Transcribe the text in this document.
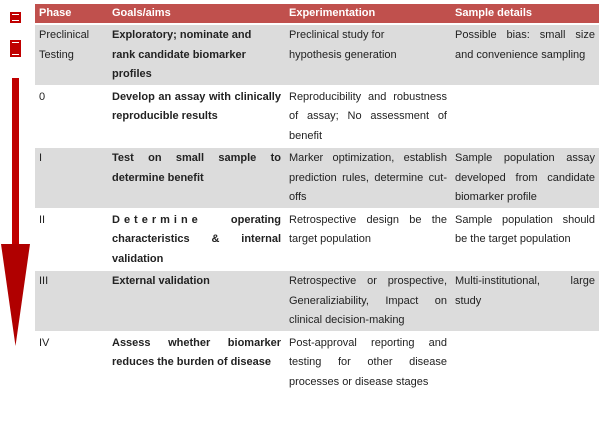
Phase	Goals/aims	Experimentation	Sample details
Preclinical Testing	Exploratory; nominate and rank candidate biomarker profiles	Preclinical study for hypothesis generation	Possible bias: small size and convenience sampling
0	Develop an assay with clinically reproducible results	Reproducibility and robustness of assay; No assessment of benefit	
I	Test on small sample to determine benefit	Marker optimization, establish prediction rules, determine cut-offs	Sample population assay developed from candidate biomarker profile
II	Determine operating characteristics & internal validation	Retrospective design be the target population	Sample population should be the target population
III	External validation	Retrospective or prospective, Generaliziability, Impact on clinical decision-making	Multi-institutional, large study
IV	Assess whether biomarker reduces the burden of disease	Post-approval reporting and testing for other disease processes or disease stages	
